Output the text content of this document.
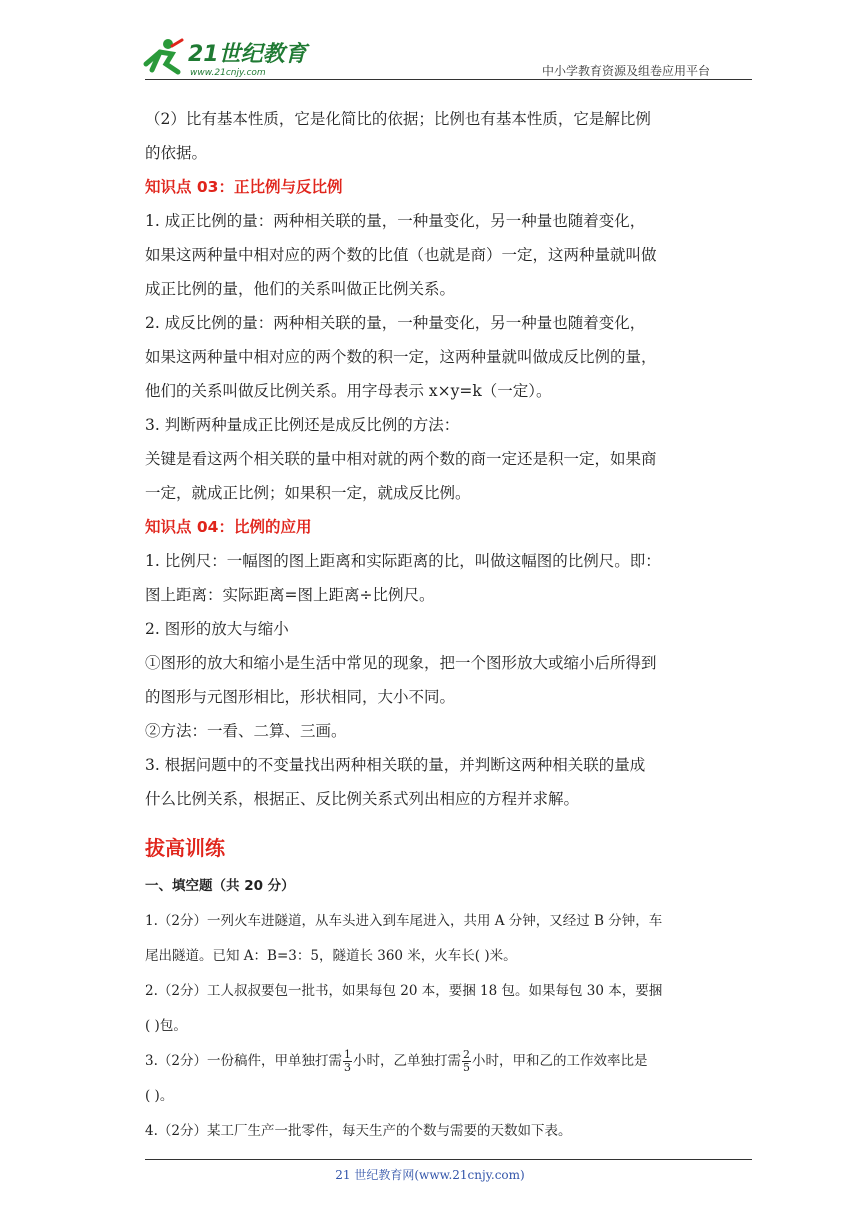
21世纪教育
www.21cnjy.com	中小学教育资源及组卷应用平台

（2）比有基本性质，它是化简比的依据；比例也有基本性质，它是解比例

的依据。

知识点 03：正比例与反比例

1. 成正比例的量：两种相关联的量，一种量变化，另一种量也随着变化，

如果这两种量中相对应的两个数的比值（也就是商）一定，这两种量就叫做

成正比例的量，他们的关系叫做正比例关系。

2. 成反比例的量：两种相关联的量，一种量变化，另一种量也随着变化，

如果这两种量中相对应的两个数的积一定，这两种量就叫做成反比例的量，

他们的关系叫做反比例关系。用字母表示 x×y=k（一定）。

3. 判断两种量成正比例还是成反比例的方法：

关键是看这两个相关联的量中相对就的两个数的商一定还是积一定，如果商

一定，就成正比例；如果积一定，就成反比例。

知识点 04：比例的应用

1. 比例尺：一幅图的图上距离和实际距离的比，叫做这幅图的比例尺。即：

图上距离：实际距离=图上距离÷比例尺。

2. 图形的放大与缩小

①图形的放大和缩小是生活中常见的现象，把一个图形放大或缩小后所得到

的图形与元图形相比，形状相同，大小不同。

②方法：一看、二算、三画。

3. 根据问题中的不变量找出两种相关联的量，并判断这两种相关联的量成

什么比例关系，根据正、反比例关系式列出相应的方程并求解。

拔高训练
一、填空题（共 20 分）

1.（2分）一列火车进隧道，从车头进入到车尾进入，共用 A 分钟，又经过 B 分钟，车

尾出隧道。已知 A：B=3：5，隧道长 360 米，火车长( )米。

2.（2分）工人叔叔要包一批书，如果每包 20 本，要捆 18 包。如果每包 30 本，要捆

( )包。

3.（2分）一份稿件，甲单独打需 $\frac{1}{3}$ 小时，乙单独打需 $\frac{2}{5}$ 小时，甲和乙的工作效率比是

( )。

4.（2分）某工厂生产一批零件，每天生产的个数与需要的天数如下表。

21 世纪教育网(www.21cnjy.com)
